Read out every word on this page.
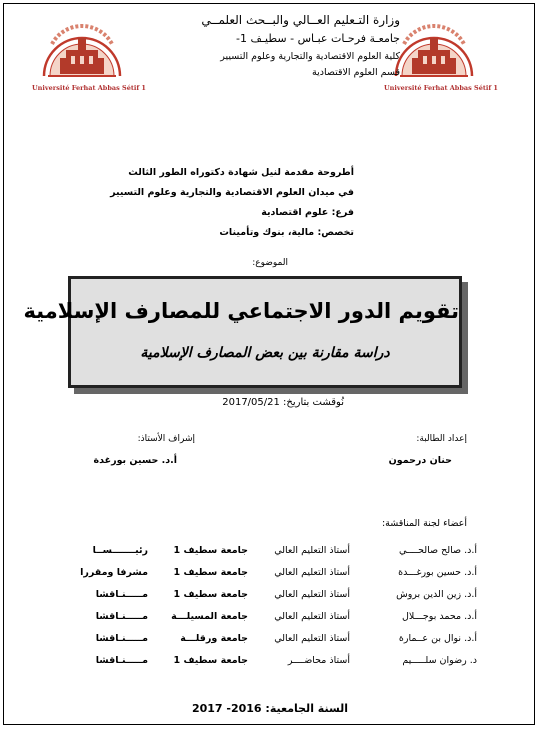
Université Ferhat Abbas Sétif 1	Université Ferhat Abbas Sétif 1
وزارة التـعليم العــالي والبــحث العلمــي
جامعـة فرحـات عبـاس - سطيـف 1-
كلية العلوم الاقتصادية والتجارية وعلوم التسيير
قسم العلوم الاقتصادية
أطروحة مقدمة لنيل شهادة دكتوراه الطور الثالث
في ميدان العلوم الاقتصادية والتجارية وعلوم التسيير
فرع: علوم اقتصادية
تخصص: مالية، بنوك وتأمينات
الموضوع:
تقويم الدور الاجتماعي للمصارف الإسلامية
دراسة مقارنة بين بعض المصارف الإسلامية
نُوقشت بتاريخ: 2017/05/21
إعداد الطالبة:
حنان درحمون
إشراف الأستاذ:
أ.د. حسين بورغدة
أعضاء لجنة المناقشة:
أ.د. صالح صالحــــي
أستاذ التعليم العالي
جامعة سطيف 1
رئيـــــــســا
أ.د. حسين بورغـــدة
أستاذ التعليم العالي
جامعة سطيف 1
مشرفا ومقررا
أ.د. زين الدين بروش
أستاذ التعليم العالي
جامعة سطيف 1
مـــــنـاقشا
أ.د. محمد بوجـــلال
أستاذ التعليم العالي
جامعة المسيلـــة
مـــــنـاقشا
أ.د. نوال بن عــمارة
أستاذ التعليم العالي
جامعة ورقلـــة
مـــــنـاقشا
د. رضوان سلـــــيم
أستاذ محاضــــر
جامعة سطيف 1
مـــــنـاقشا
السنة الجامعية: 2016- 2017
